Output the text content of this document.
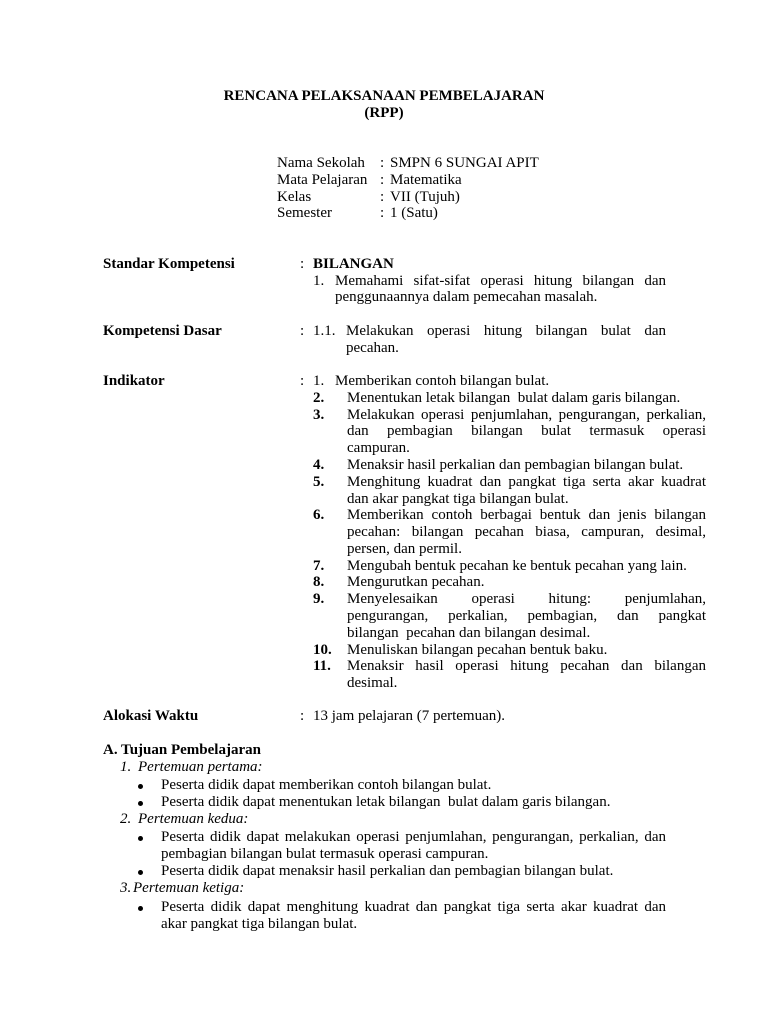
RENCANA PELAKSANAAN PEMBELAJARAN
(RPP)
Nama Sekolah : SMPN 6 SUNGAI APIT
Mata Pelajaran : Matematika
Kelas	: VII (Tujuh)
Semester	: 1 (Satu)
Standar Kompetensi	: BILANGAN
1. Memahami sifat-sifat operasi hitung bilangan dan
penggunaannya dalam pemecahan masalah.
Kompetensi Dasar	: 1.1. Melakukan operasi hitung bilangan bulat dan
pecahan.
Indikator	: 1. Memberikan contoh bilangan bulat.
2. Menentukan letak bilangan  bulat dalam garis bilangan.
3. Melakukan operasi penjumlahan, pengurangan, perkalian,
dan pembagian bilangan bulat termasuk operasi
campuran.
4. Menaksir hasil perkalian dan pembagian bilangan bulat.
5. Menghitung kuadrat dan pangkat tiga serta akar kuadrat
dan akar pangkat tiga bilangan bulat.
6. Memberikan contoh berbagai bentuk dan jenis bilangan
pecahan: bilangan pecahan biasa, campuran, desimal,
persen, dan permil.
7. Mengubah bentuk pecahan ke bentuk pecahan yang lain.
8. Mengurutkan pecahan.
9. Menyelesaikan operasi hitung: penjumlahan,
pengurangan, perkalian, pembagian, dan pangkat
bilangan  pecahan dan bilangan desimal.
10. Menuliskan bilangan pecahan bentuk baku.
11. Menaksir hasil operasi hitung pecahan dan bilangan
desimal.
Alokasi Waktu	: 13 jam pelajaran (7 pertemuan).
A. Tujuan Pembelajaran
1. Pertemuan pertama:
Peserta didik dapat memberikan contoh bilangan bulat.
Peserta didik dapat menentukan letak bilangan  bulat dalam garis bilangan.
2. Pertemuan kedua:
Peserta didik dapat melakukan operasi penjumlahan, pengurangan, perkalian, dan
pembagian bilangan bulat termasuk operasi campuran.
Peserta didik dapat menaksir hasil perkalian dan pembagian bilangan bulat.
3. Pertemuan ketiga:
Peserta didik dapat menghitung kuadrat dan pangkat tiga serta akar kuadrat dan
akar pangkat tiga bilangan bulat.
